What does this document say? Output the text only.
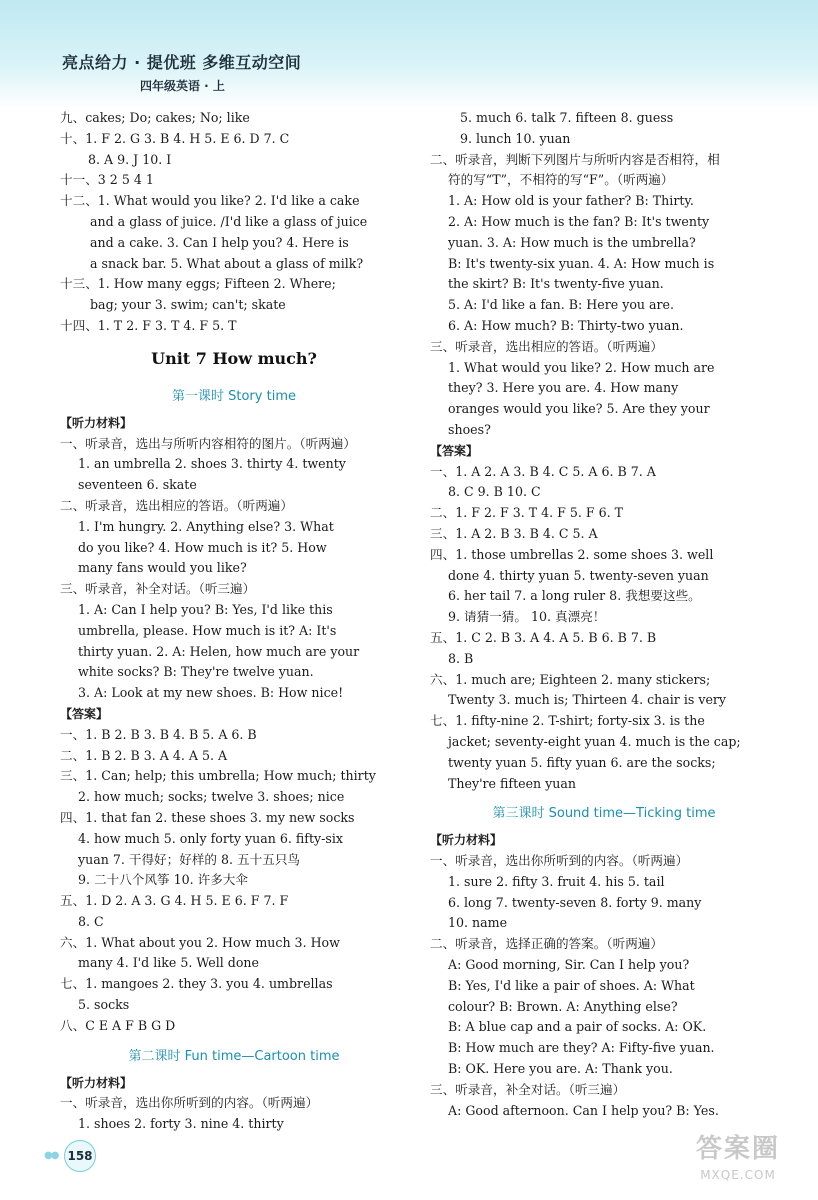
亮点给力 · 提优班 多维互动空间
四年级英语 · 上
九、cakes; Do; cakes; No; like
十、1. F 2. G 3. B 4. H 5. E 6. D 7. C
8. A 9. J 10. I
十一、3 2 5 4 1
十二、1. What would you like? 2. I'd like a cake
and a glass of juice. /I'd like a glass of juice
and a cake. 3. Can I help you? 4. Here is
a snack bar. 5. What about a glass of milk?
十三、1. How many eggs; Fifteen 2. Where;
bag; your 3. swim; can't; skate
十四、1. T 2. F 3. T 4. F 5. T
Unit 7 How much?
第一课时 Story time
【听力材料】
一、听录音，选出与所听内容相符的图片。（听两遍）
1. an umbrella 2. shoes 3. thirty 4. twenty
seventeen 6. skate
二、听录音，选出相应的答语。（听两遍）
1. I'm hungry. 2. Anything else? 3. What
do you like? 4. How much is it? 5. How
many fans would you like?
三、听录音，补全对话。（听三遍）
1. A: Can I help you? B: Yes, I'd like this
umbrella, please. How much is it? A: It's
thirty yuan. 2. A: Helen, how much are your
white socks? B: They're twelve yuan.
3. A: Look at my new shoes. B: How nice!
【答案】
一、1. B 2. B 3. B 4. B 5. A 6. B
二、1. B 2. B 3. A 4. A 5. A
三、1. Can; help; this umbrella; How much; thirty
2. how much; socks; twelve 3. shoes; nice
四、1. that fan 2. these shoes 3. my new socks
4. how much 5. only forty yuan 6. fifty-six
yuan 7. 干得好；好样的 8. 五十五只鸟
9. 二十八个风筝 10. 许多大伞
五、1. D 2. A 3. G 4. H 5. E 6. F 7. F
8. C
六、1. What about you 2. How much 3. How
many 4. I'd like 5. Well done
七、1. mangoes 2. they 3. you 4. umbrellas
5. socks
八、C E A F B G D
第二课时 Fun time—Cartoon time
【听力材料】
一、听录音，选出你所听到的内容。（听两遍）
1. shoes 2. forty 3. nine 4. thirty
5. much 6. talk 7. fifteen 8. guess
9. lunch 10. yuan
二、听录音，判断下列图片与所听内容是否相符，相
符的写“T”，不相符的写“F”。（听两遍）
1. A: How old is your father? B: Thirty.
2. A: How much is the fan? B: It's twenty
yuan. 3. A: How much is the umbrella?
B: It's twenty-six yuan. 4. A: How much is
the skirt? B: It's twenty-five yuan.
5. A: I'd like a fan. B: Here you are.
6. A: How much? B: Thirty-two yuan.
三、听录音，选出相应的答语。（听两遍）
1. What would you like? 2. How much are
they? 3. Here you are. 4. How many
oranges would you like? 5. Are they your
shoes?
【答案】
一、1. A 2. A 3. B 4. C 5. A 6. B 7. A
8. C 9. B 10. C
二、1. F 2. F 3. T 4. F 5. F 6. T
三、1. A 2. B 3. B 4. C 5. A
四、1. those umbrellas 2. some shoes 3. well
done 4. thirty yuan 5. twenty-seven yuan
6. her tail 7. a long ruler 8. 我想要这些。
9. 请猜一猜。 10. 真漂亮！
五、1. C 2. B 3. A 4. A 5. B 6. B 7. B
8. B
六、1. much are; Eighteen 2. many stickers;
Twenty 3. much is; Thirteen 4. chair is very
七、1. fifty-nine 2. T-shirt; forty-six 3. is the
jacket; seventy-eight yuan 4. much is the cap;
twenty yuan 5. fifty yuan 6. are the socks;
They're fifteen yuan
第三课时 Sound time—Ticking time
【听力材料】
一、听录音，选出你所听到的内容。（听两遍）
1. sure 2. fifty 3. fruit 4. his 5. tail
6. long 7. twenty-seven 8. forty 9. many
10. name
二、听录音，选择正确的答案。（听两遍）
A: Good morning, Sir. Can I help you?
B: Yes, I'd like a pair of shoes. A: What
colour? B: Brown. A: Anything else?
B: A blue cap and a pair of socks. A: OK.
B: How much are they? A: Fifty-five yuan.
B: OK. Here you are. A: Thank you.
三、听录音，补全对话。（听三遍）
A: Good afternoon. Can I help you? B: Yes.
●● 158	答案圈
MXQE.COM
